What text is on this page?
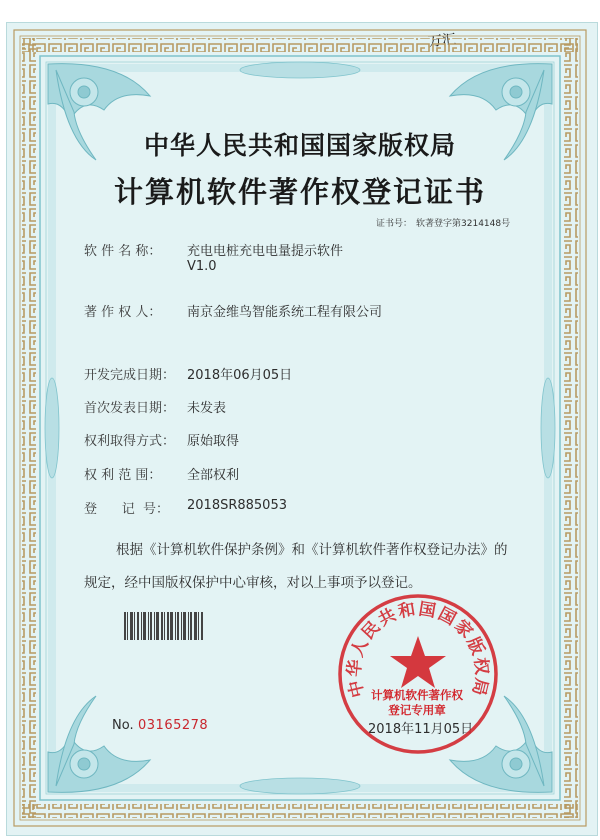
中华人民共和国国家版权局
计算机软件著作权登记证书
证书号： 软著登字第3214148号
软 件 名 称：	充电电桩充电电量提示软件
V1.0
著 作 权 人：	南京金维鸟智能系统工程有限公司
开发完成日期： 2018年06月05日
首次发表日期： 未发表
权利取得方式： 原始取得
权 利 范 围：	全部权利
登      记  号：	2018SR885053
根据《计算机软件保护条例》和《计算机软件著作权登记办法》的
规定，经中国版权保护中心审核，对以上事项予以登记。
No. 03165278	2018年11月05日
中华人民共和国国家版权局
计算机软件著作权
登记专用章
